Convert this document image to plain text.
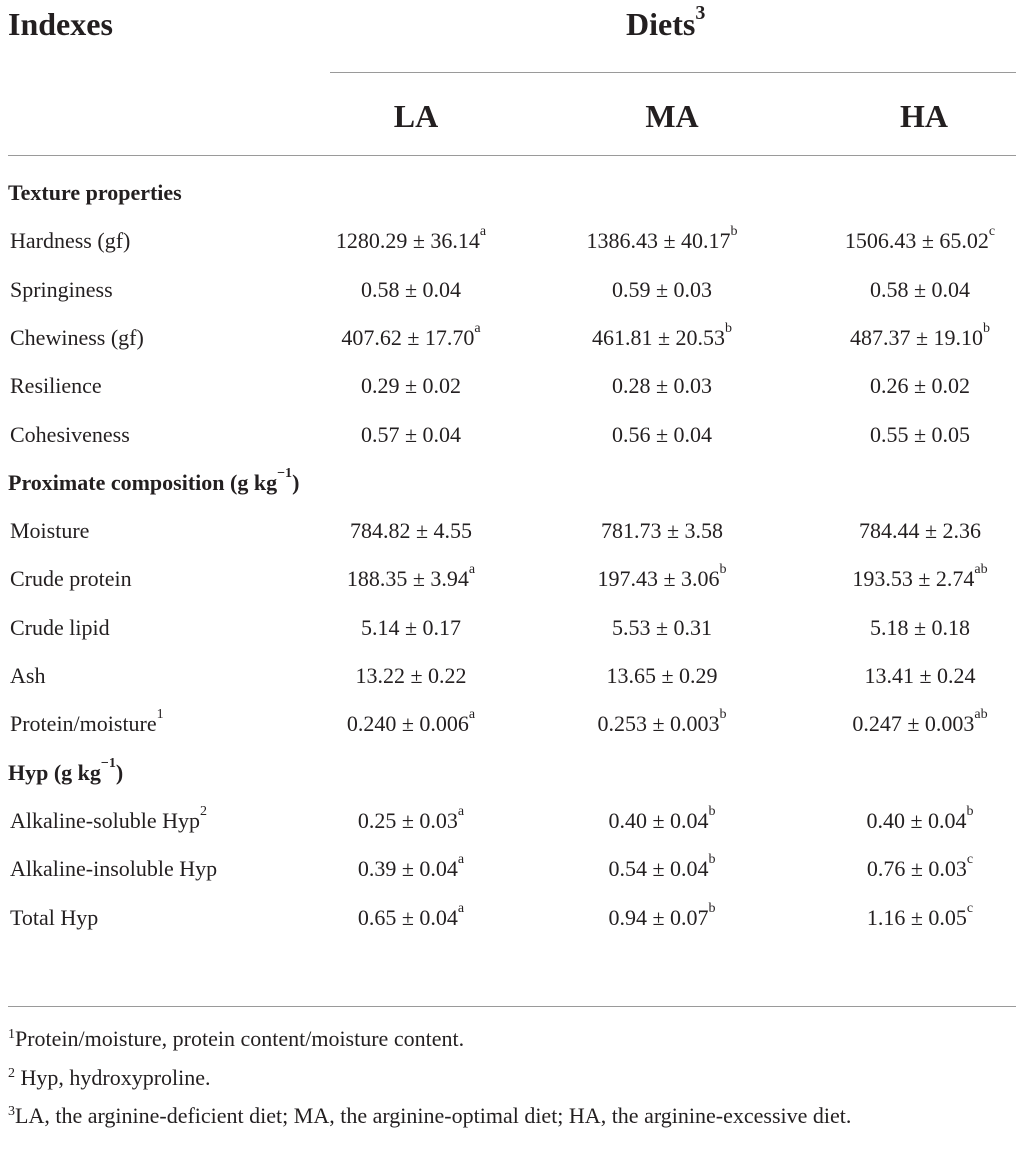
Indexes	Diets$^3$
LA	MA	HA
Texture properties
Hardness (gf)	1280.29 ± 36.14$^a$	1386.43 ± 40.17$^b$	1506.43 ± 65.02$^c$
Springiness	0.58 ± 0.04	0.59 ± 0.03	0.58 ± 0.04
Chewiness (gf)	407.62 ± 17.70$^a$	461.81 ± 20.53$^b$	487.37 ± 19.10$^b$
Resilience	0.29 ± 0.02	0.28 ± 0.03	0.26 ± 0.02
Cohesiveness	0.57 ± 0.04	0.56 ± 0.04	0.55 ± 0.05
Proximate composition (g $kg^{-1}$)
Moisture	784.82 ± 4.55	781.73 ± 3.58	784.44 ± 2.36
Crude protein	188.35 ± 3.94$^a$	197.43 ± 3.06$^b$	193.53 ± 2.74$^{ab}$
Crude lipid	5.14 ± 0.17	5.53 ± 0.31	5.18 ± 0.18
Ash	13.22 ± 0.22	13.65 ± 0.29	13.41 ± 0.24
Protein/moisture$^1$	0.240 ± 0.006$^a$	0.253 ± 0.003$^b$	0.247 ± 0.003$^{ab}$
Hyp (g $kg^{-1}$)
Alkaline-soluble Hyp$^2$	0.25 ± 0.03$^a$	0.40 ± 0.04$^b$	0.40 ± 0.04$^b$
Alkaline-insoluble Hyp	0.39 ± 0.04$^a$	0.54 ± 0.04$^b$	0.76 ± 0.03$^c$
Total Hyp	0.65 ± 0.04$^a$	0.94 ± 0.07$^b$	1.16 ± 0.05$^c$
$^1$Protein/moisture, protein content/moisture content.
$^2$ Hyp, hydroxyproline.
$^3$LA, the arginine-deficient diet; MA, the arginine-optimal diet; HA, the arginine-excessive diet.
